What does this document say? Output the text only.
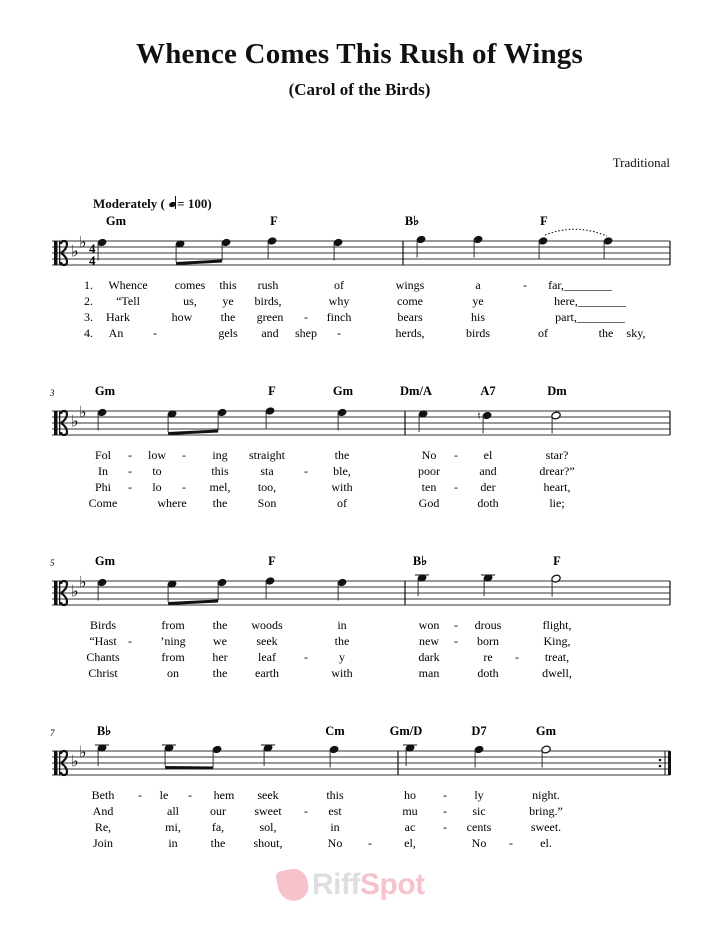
Whence Comes This Rush of Wings
(Carol of the Birds)
Traditional
Moderately ( = 100)
♭ ♭ 4
4
Gm	F	B♭	F
1. Whence comes this rush	of	wings	a	- far,________
2. “Tell	us, ye birds,	why	come	ye	here,________
3. Hark	how the green - finch	bears	his	part,________
4. An -	gels and shep -	herds,	birds	of	the sky,
♭ ♭
3	Gm	F	Gm	Dm/A	A7	Dm
♮
Fol - low - ing straight	the	No - el	star?
In - to	this	sta	- ble,	poor	and	drear?”
Phi - lo - mel, too,	with	ten - der	heart,
Come	where the	Son	of	God	doth	lie;
♭ ♭
5	Gm	F	B♭	F
Birds	from the woods	in	won - drous	flight,
“Hast - ’ning we seek	the	new - born	King,
Chants	from her	leaf -	y	dark	re - treat,
Christ	on	the earth	with	man	doth	dwell,
♭ ♭
7	B♭	Cm	Gm/D	D7	Gm
Beth - le - hem seek	this	ho - ly	night.
And	all	our sweet - est	mu - sic	bring.”
Re,	mi,	fa,	sol,	in	ac - cents	sweet.
Join	in	the shout,	No -	el,	No - el.
RiffSpot
